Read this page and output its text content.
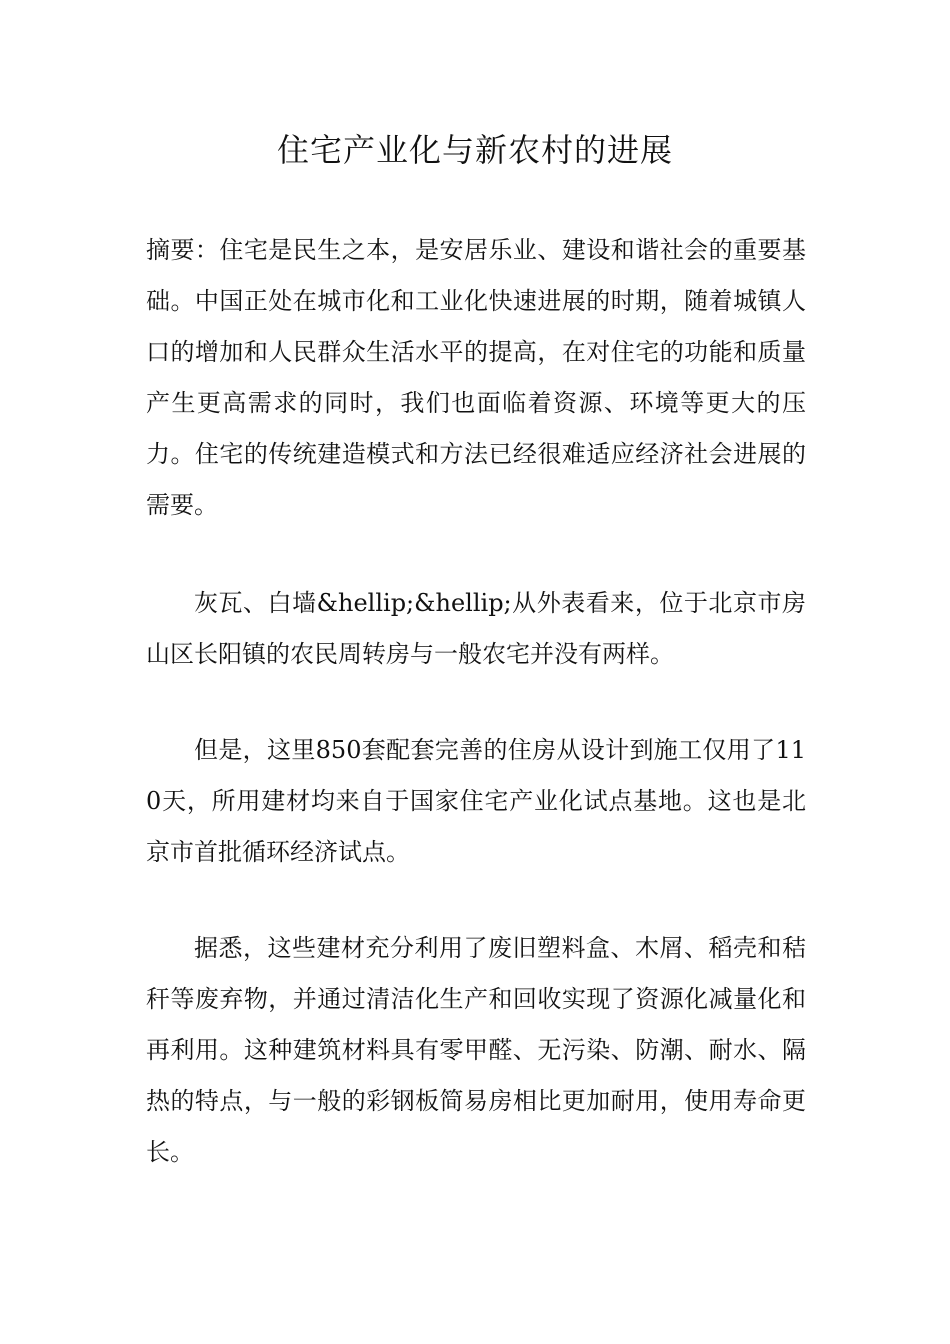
住宅产业化与新农村的进展

摘要：住宅是民生之本，是安居乐业、建设和谐社会的重要基础。中国正处在城市化和工业化快速进展的时期，随着城镇人口的增加和人民群众生活水平的提高，在对住宅的功能和质量产生更高需求的同时，我们也面临着资源、环境等更大的压力。住宅的传统建造模式和方法已经很难适应经济社会进展的需要。

灰瓦、白墙&hellip;&hellip;从外表看来，位于北京市房山区长阳镇的农民周转房与一般农宅并没有两样。

但是，这里850套配套完善的住房从设计到施工仅用了110天，所用建材均来自于国家住宅产业化试点基地。这也是北京市首批循环经济试点。

据悉，这些建材充分利用了废旧塑料盒、木屑、稻壳和秸秆等废弃物，并通过清洁化生产和回收实现了资源化减量化和再利用。这种建筑材料具有零甲醛、无污染、防潮、耐水、隔热的特点，与一般的彩钢板简易房相比更加耐用，使用寿命更长。
